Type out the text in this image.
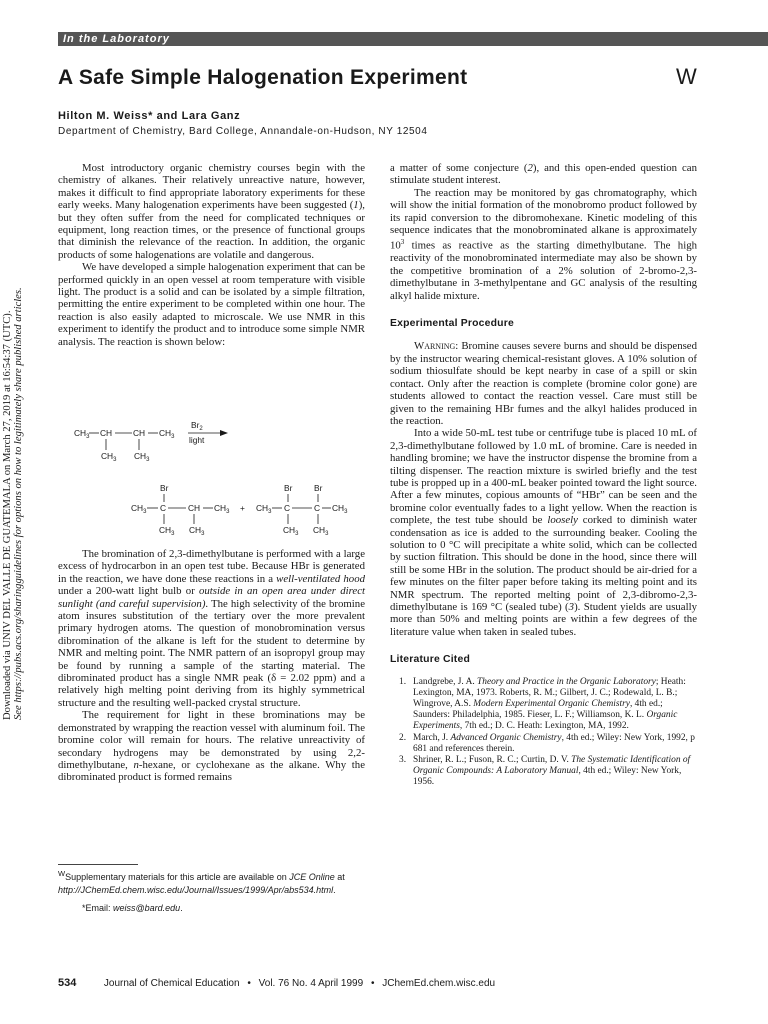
In the Laboratory
A Safe Simple Halogenation Experiment	W
Hilton M. Weiss* and Lara Ganz
Department of Chemistry, Bard College, Annandale-on-Hudson, NY 12504
Downloaded via UNIV DEL VALLE DE GUATEMALA on March 27, 2019 at 16:54:37 (UTC). See https://pubs.acs.org/sharingguidelines for options on how to legitimately share published articles.

Most introductory organic chemistry courses begin with the chemistry of alkanes. Their relatively unreactive nature, however, makes it difficult to find appropriate laboratory experiments for these early weeks. Many halogenation experiments have been suggested (1), but they often suffer from the need for complicated techniques or equipment, long reaction times, or the presence of functional groups that diminish the relevance of the reaction. In addition, the organic products of some halogenations are volatile and dangerous.

We have developed a simple halogenation experiment that can be performed quickly in an open vessel at room temperature with visible light. The product is a solid and can be isolated by a simple filtration, permitting the entire experiment to be completed within one hour. The reaction is also easily adapted to microscale. We use NMR in this experiment to identify the product and to introduce some simple NMR analysis. The reaction is shown below:

$CH_3$ CH CH $CH_3$
$CH_3$ $CH_3$
$Br_2$
light
Br
$CH_3$ C	CH $CH_3$
$CH_3$ $CH_3$
+
Br	Br
$CH_3$ C	C $CH_3$
$CH_3$ $CH_3$

The bromination of 2,3-dimethylbutane is performed with a large excess of hydrocarbon in an open test tube. Because HBr is generated in the reaction, we have done these reactions in a well-ventilated hood under a 200-watt light bulb or outside in an open area under direct sunlight (and careful supervision). The high selectivity of the bromine atom insures substitution of the tertiary over the more prevalent primary hydrogen atoms. The question of monobromination versus dibromination of the alkane is left for the student to determine by NMR and melting point. The NMR pattern of an isopropyl group may be found by running a sample of the starting material. The dibrominated product has a single NMR peak (δ = 2.02 ppm) and a relatively high melting point deriving from its highly symmetrical structure and the resulting well-packed crystal structure.

The requirement for light in these brominations may be demonstrated by wrapping the reaction vessel with aluminum foil. The bromine color will remain for hours. The relative unreactivity of secondary hydrogens may be demonstrated by using 2,2-dimethylbutane, n-hexane, or cyclohexane as the alkane. Why the dibrominated product is formed remains

$^W$Supplementary materials for this article are available on JCE Online at http://JChemEd.chem.wisc.edu/Journal/Issues/1999/Apr/abs534.html.

*Email: weiss@bard.edu.

a matter of some conjecture (2), and this open-ended question can stimulate student interest.

The reaction may be monitored by gas chromatography, which will show the initial formation of the monobromo product followed by its rapid conversion to the dibromohexane. Kinetic modeling of this sequence indicates that the monobrominated alkane is approximately $10^3$ times as reactive as the starting dimethylbutane. The high reactivity of the monobrominated intermediate may also be shown by the competitive bromination of a 2% solution of 2-bromo-2,3-dimethylbutane in 3-methylpentane and GC analysis of the resulting alkyl halide mixture.

Experimental Procedure

Warning: Bromine causes severe burns and should be dispensed by the instructor wearing chemical-resistant gloves. A 10% solution of sodium thiosulfate should be kept nearby in case of a spill or skin contact. Only after the reaction is complete (bromine color gone) are students allowed to contact the reaction vessel. Care must still be given to the remaining HBr fumes and the alkyl halides produced in the reaction.

Into a wide 50-mL test tube or centrifuge tube is placed 10 mL of 2,3-dimethylbutane followed by 1.0 mL of bromine. Care is needed in handling bromine; we have the instructor dispense the bromine from a tilting dispenser. The reaction mixture is swirled briefly and the test tube is propped up in a 400-mL beaker pointed toward the light source. After a few minutes, copious amounts of “HBr” can be seen and the bromine color eventually fades to a light yellow. When the reaction is complete, the test tube should be loosely corked to diminish water condensation as ice is added to the surrounding beaker. Cooling the solution to 0 °C will precipitate a white solid, which can be collected by suction filtration. This should be done in the hood, since there will still be some HBr in the solution. The product should be air-dried for a few minutes on the filter paper before taking its melting point and its NMR spectrum. The reported melting point of 2,3-dibromo-2,3-dimethylbutane is 169 °C (sealed tube) (3). Student yields are usually more than 50% and melting points are within a few degrees of the literature value when taken in sealed tubes.

Literature Cited
1. Landgrebe, J. A. Theory and Practice in the Organic Laboratory; Heath: Lexington, MA, 1973. Roberts, R. M.; Gilbert, J. C.; Rodewald, L. B.; Wingrove, A.S. Modern Experimental Organic Chemistry, 4th ed.; Saunders: Philadelphia, 1985. Fieser, L. F.; Williamson, K. L. Organic Experiments, 7th ed.; D. C. Heath: Lexington, MA, 1992.
2. March, J. Advanced Organic Chemistry, 4th ed.; Wiley: New York, 1992, p 681 and references therein.
3. Shriner, R. L.; Fuson, R. C.; Curtin, D. V. The Systematic Identification of Organic Compounds: A Laboratory Manual, 4th ed.; Wiley: New York, 1956.
534	Journal of Chemical Education • Vol. 76 No. 4 April 1999 • JChemEd.chem.wisc.edu
